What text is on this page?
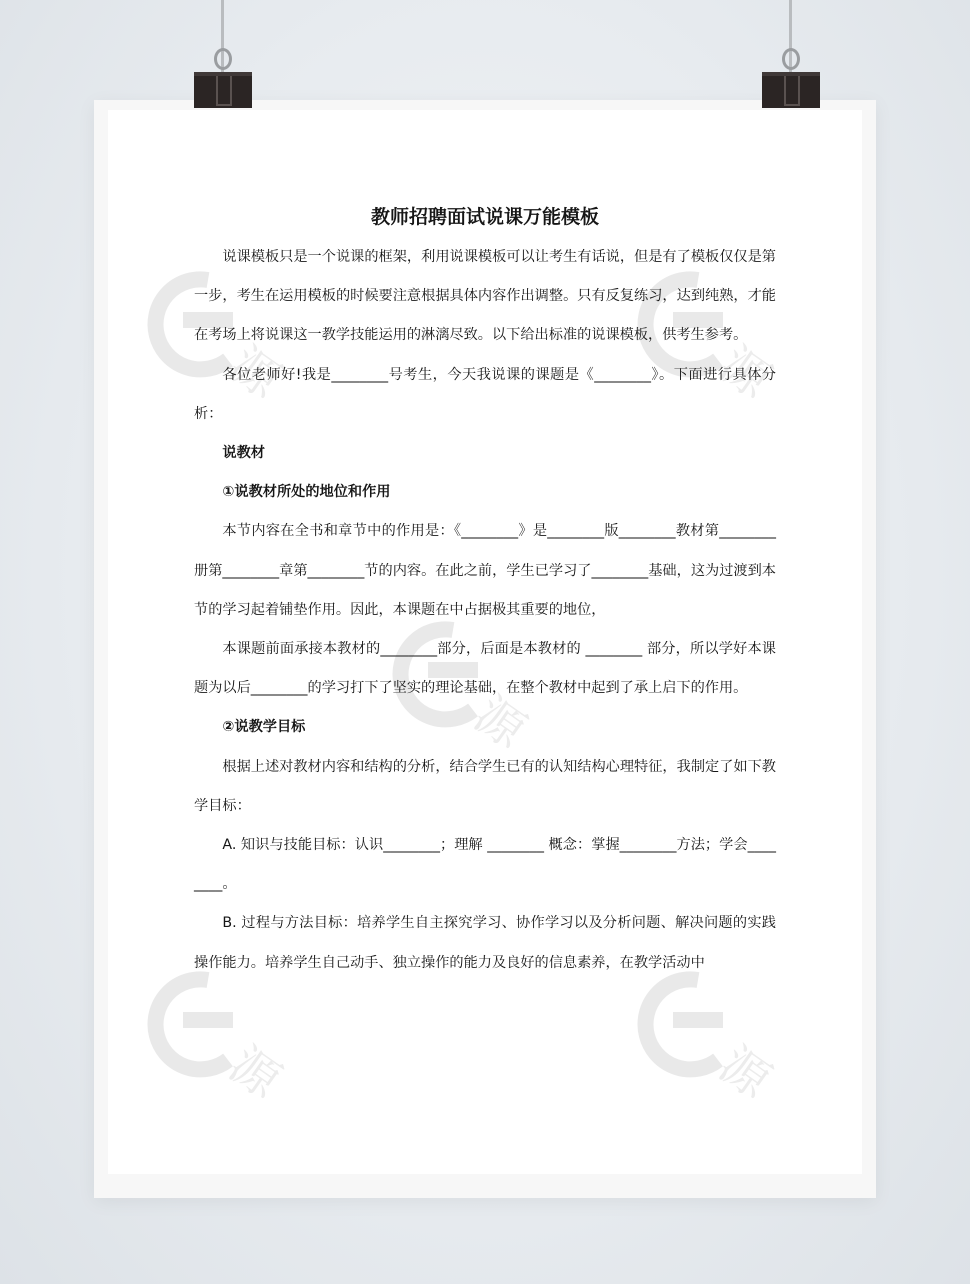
源	源
源
源	源
教师招聘面试说课万能模板

说课模板只是一个说课的框架，利用说课模板可以让考生有话说，但是有了模板仅仅是第一步，考生在运用模板的时候要注意根据具体内容作出调整。只有反复练习，达到纯熟，才能在考场上将说课这一教学技能运用的淋漓尽致。以下给出标准的说课模板，供考生参考。

各位老师好!我是________号考生，今天我说课的课题是《________》。下面进行具体分析：

说教材

①说教材所处的地位和作用

本节内容在全书和章节中的作用是：《________》是________版________教材第________册第________章第________节的内容。在此之前，学生已学习了________基础，这为过渡到本节的学习起着铺垫作用。因此，本课题在中占据极其重要的地位，

本课题前面承接本教材的________部分，后面是本教材的 ________ 部分，所以学好本课题为以后________的学习打下了坚实的理论基础，在整个教材中起到了承上启下的作用。

②说教学目标

根据上述对教材内容和结构的分析，结合学生已有的认知结构心理特征，我制定了如下教学目标：

A. 知识与技能目标：认识________；理解 ________ 概念：掌握________方法；学会________。

B. 过程与方法目标：培养学生自主探究学习、协作学习以及分析问题、解决问题的实践操作能力。培养学生自己动手、独立操作的能力及良好的信息素养，在教学活动中
